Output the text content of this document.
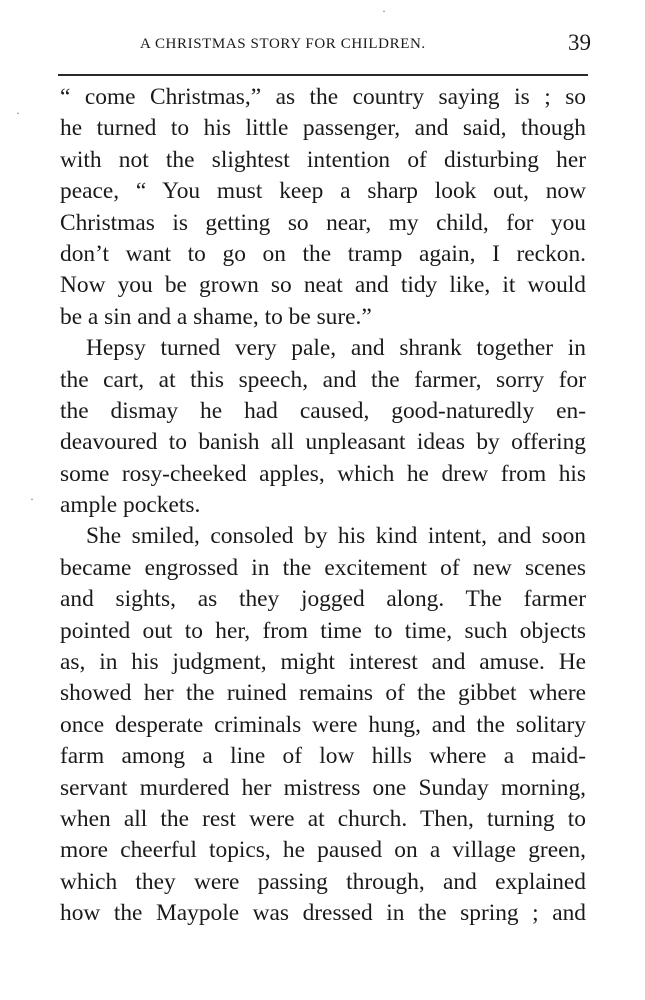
A CHRISTMAS STORY FOR CHILDREN.	39
·
·
·
“ come Christmas,” as the country saying is ; so
he turned to his little passenger, and said, though
with not the slightest intention of disturbing her
peace, “ You must keep a sharp look out, now
Christmas is getting so near, my child, for you
don’t want to go on the tramp again, I reckon.
Now you be grown so neat and tidy like, it would
be a sin and a shame, to be sure.”
Hepsy turned very pale, and shrank together in
the cart, at this speech, and the farmer, sorry for
the dismay he had caused, good-naturedly en-
deavoured to banish all unpleasant ideas by offering
some rosy-cheeked apples, which he drew from his
ample pockets.
She smiled, consoled by his kind intent, and soon
became engrossed in the excitement of new scenes
and sights, as they jogged along. The farmer
pointed out to her, from time to time, such objects
as, in his judgment, might interest and amuse. He
showed her the ruined remains of the gibbet where
once desperate criminals were hung, and the solitary
farm among a line of low hills where a maid-
servant murdered her mistress one Sunday morning,
when all the rest were at church. Then, turning to
more cheerful topics, he paused on a village green,
which they were passing through, and explained
how the Maypole was dressed in the spring ; and
